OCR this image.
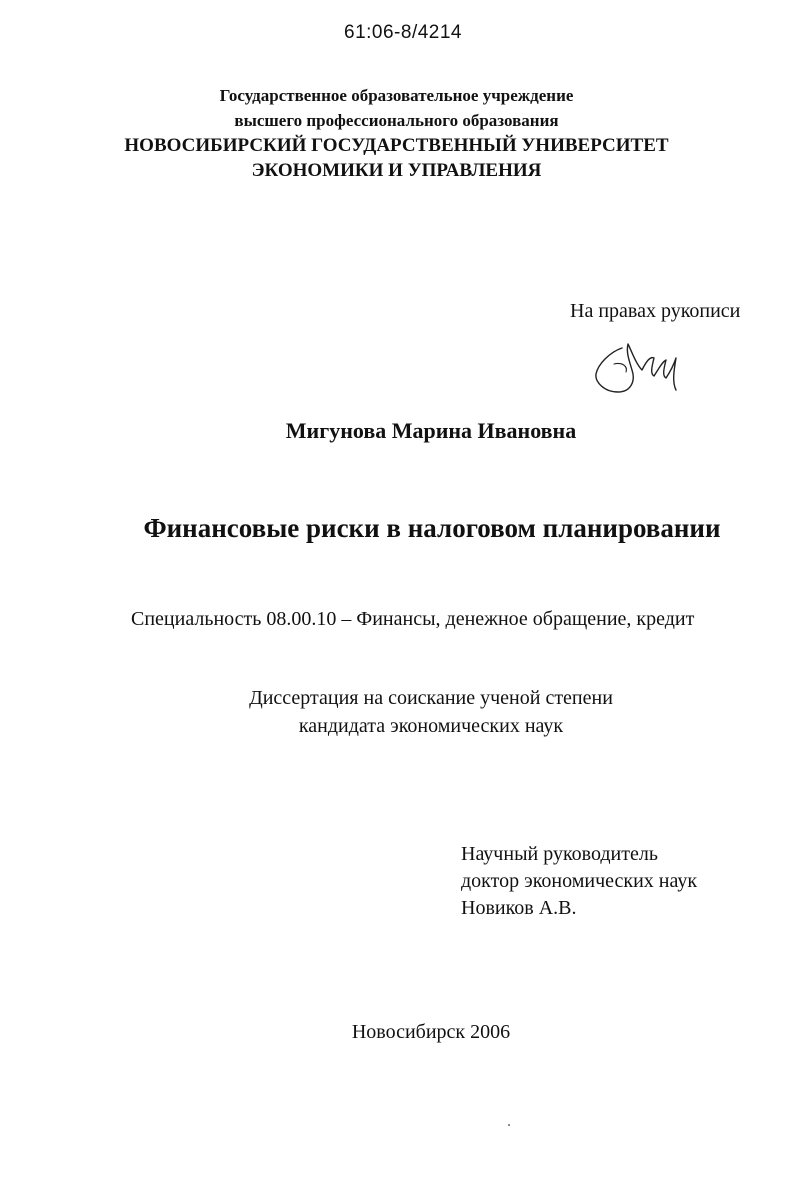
61:06-8/4214
Государственное образовательное учреждение
высшего профессионального образования
НОВОСИБИРСКИЙ ГОСУДАРСТВЕННЫЙ УНИВЕРСИТЕТ
ЭКОНОМИКИ И УПРАВЛЕНИЯ
На правах рукописи
Мигунова Марина Ивановна
Финансовые риски в налоговом планировании
Специальность 08.00.10 – Финансы, денежное обращение, кредит
Диссертация на соискание ученой степени
кандидата экономических наук
Научный руководитель
доктор экономических наук
Новиков А.В.
Новосибирск 2006
